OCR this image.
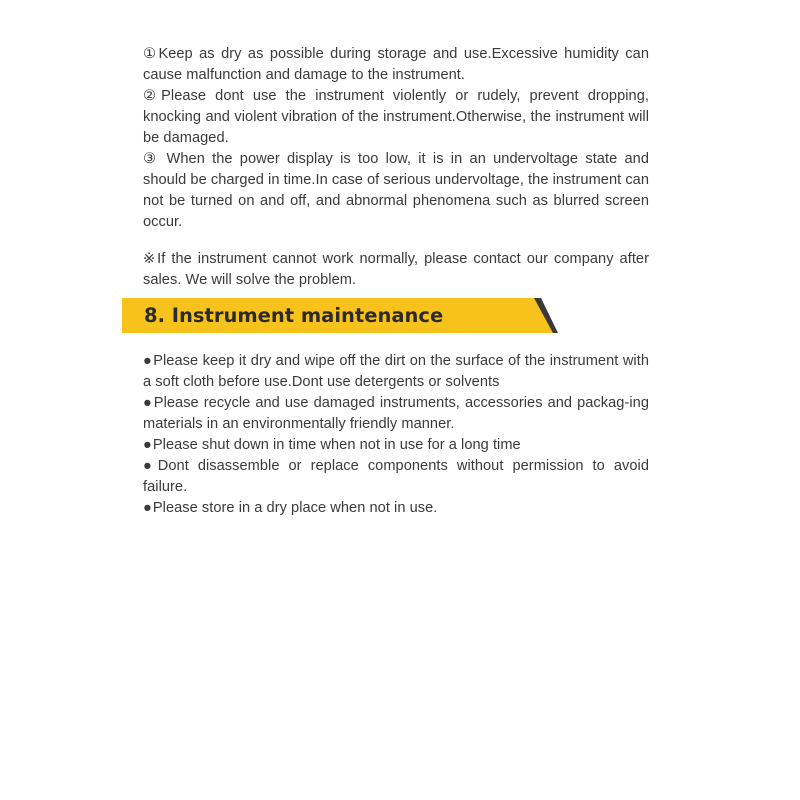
①Keep as dry as possible during storage and use.Excessive humidity can cause malfunction and damage to the instrument.

②Please dont use the instrument violently or rudely, prevent dropping, knocking and violent vibration of the instrument.Otherwise, the instrument will be damaged.

③ When the power display is too low, it is in an undervoltage state and should be charged in time.In case of serious undervoltage, the instrument can not be turned on and off, and abnormal phenomena such as blurred screen occur.

※If the instrument cannot work normally, please contact our company after sales. We will solve the problem.

8. Instrument maintenance

●Please keep it dry and wipe off the dirt on the surface of the instrument with a soft cloth before use.Dont use detergents or solvents

●Please recycle and use damaged instruments, accessories and packag-ing materials in an environmentally friendly manner.

●Please shut down in time when not in use for a long time

●Dont disassemble or replace components without permission to avoid failure.

●Please store in a dry place when not in use.
